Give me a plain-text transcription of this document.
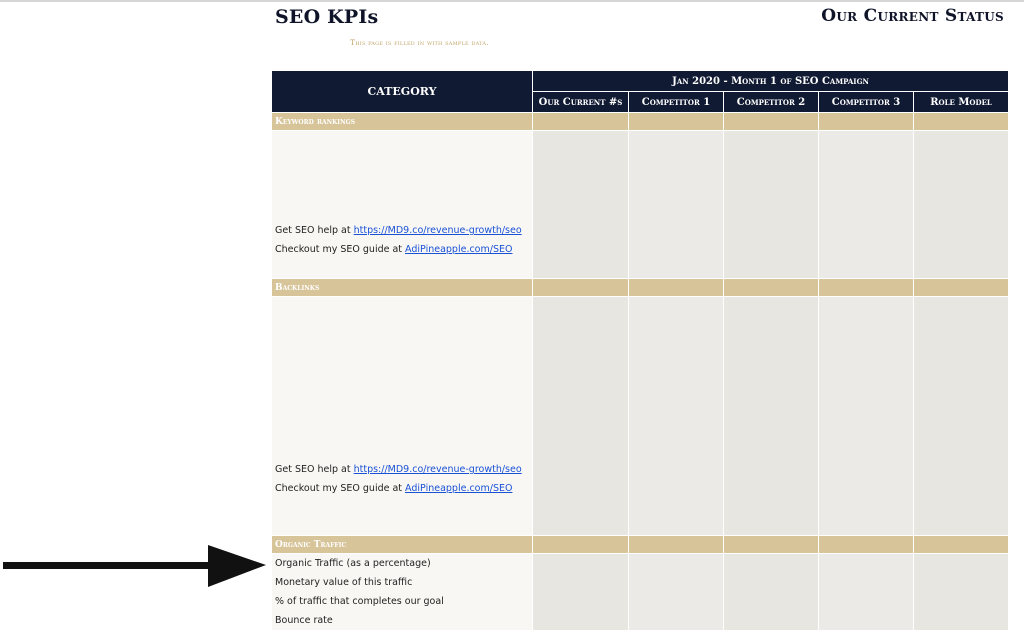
SEO KPIs	Our Current Status
This page is filled in with sample data.
CATEGORY	Jan 2020 - Month 1 of SEO Campaign				
	Our Current #s	Competitor 1	Competitor 2	Competitor 3	Role Model
Keyword rankings					

Get SEO help at https://MD9.co/revenue-growth/seo
Checkout my SEO guide at AdiPineapple.com/SEO					

Backlinks					

Get SEO help at https://MD9.co/revenue-growth/seo
Checkout my SEO guide at AdiPineapple.com/SEO					

Organic Traffic					

Organic Traffic (as a percentage)
Monetary value of this traffic
% of traffic that completes our goal
Bounce rate					
